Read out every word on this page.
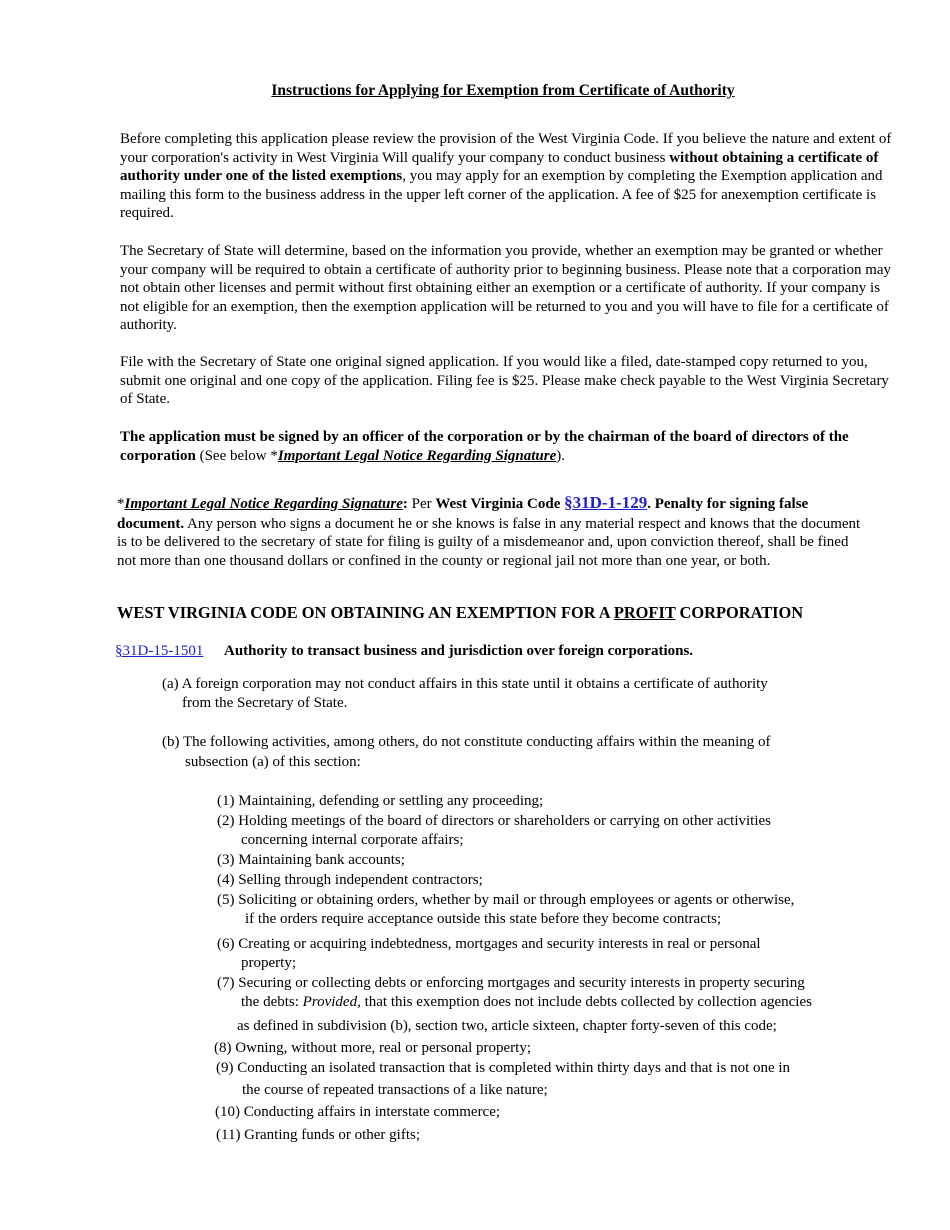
Instructions for Applying for Exemption from Certificate of Authority
Before completing this application please review the provision of the West Virginia Code. If you believe the nature and extent of your corporation's activity in West Virginia Will qualify your company to conduct business without obtaining a certificate of authority under one of the listed exemptions, you may apply for an exemption by completing the Exemption application and mailing this form to the business address in the upper left corner of the application. A fee of $25 for anexemption certificate is required.
The Secretary of State will determine, based on the information you provide, whether an exemption may be granted or whether your company will be required to obtain a certificate of authority prior to beginning business. Please note that a corporation may not obtain other licenses and permit without first obtaining either an exemption or a certificate of authority. If your company is not eligible for an exemption, then the exemption application will be returned to you and you will have to file for a certificate of authority.
File with the Secretary of State one original signed application. If you would like a filed, date-stamped copy returned to you, submit one original and one copy of the application. Filing fee is $25. Please make check payable to the West Virginia Secretary of State.
The application must be signed by an officer of the corporation or by the chairman of the board of directors of the corporation (See below *Important Legal Notice Regarding Signature).
*Important Legal Notice Regarding Signature: Per West Virginia Code §31D-1-129. Penalty for signing false
document. Any person who signs a document he or she knows is false in any material respect and knows that the document
is to be delivered to the secretary of state for filing is guilty of a misdemeanor and, upon conviction thereof, shall be fined
not more than one thousand dollars or confined in the county or regional jail not more than one year, or both.
WEST VIRGINIA CODE ON OBTAINING AN EXEMPTION FOR A PROFIT CORPORATION
§31D-15-1501 Authority to transact business and jurisdiction over foreign corporations.
(a) A foreign corporation may not conduct affairs in this state until it obtains a certificate of authority
from the Secretary of State.
(b) The following activities, among others, do not constitute conducting affairs within the meaning of
subsection (a) of this section:
(1) Maintaining, defending or settling any proceeding;
(2) Holding meetings of the board of directors or shareholders or carrying on other activities
concerning internal corporate affairs;
(3) Maintaining bank accounts;
(4) Selling through independent contractors;
(5) Soliciting or obtaining orders, whether by mail or through employees or agents or otherwise,
if the orders require acceptance outside this state before they become contracts;
(6) Creating or acquiring indebtedness, mortgages and security interests in real or personal
property;
(7) Securing or collecting debts or enforcing mortgages and security interests in property securing
the debts: Provided, that this exemption does not include debts collected by collection agencies
as defined in subdivision (b), section two, article sixteen, chapter forty-seven of this code;
(8) Owning, without more, real or personal property;
(9) Conducting an isolated transaction that is completed within thirty days and that is not one in
the course of repeated transactions of a like nature;
(10) Conducting affairs in interstate commerce;
(11) Granting funds or other gifts;
